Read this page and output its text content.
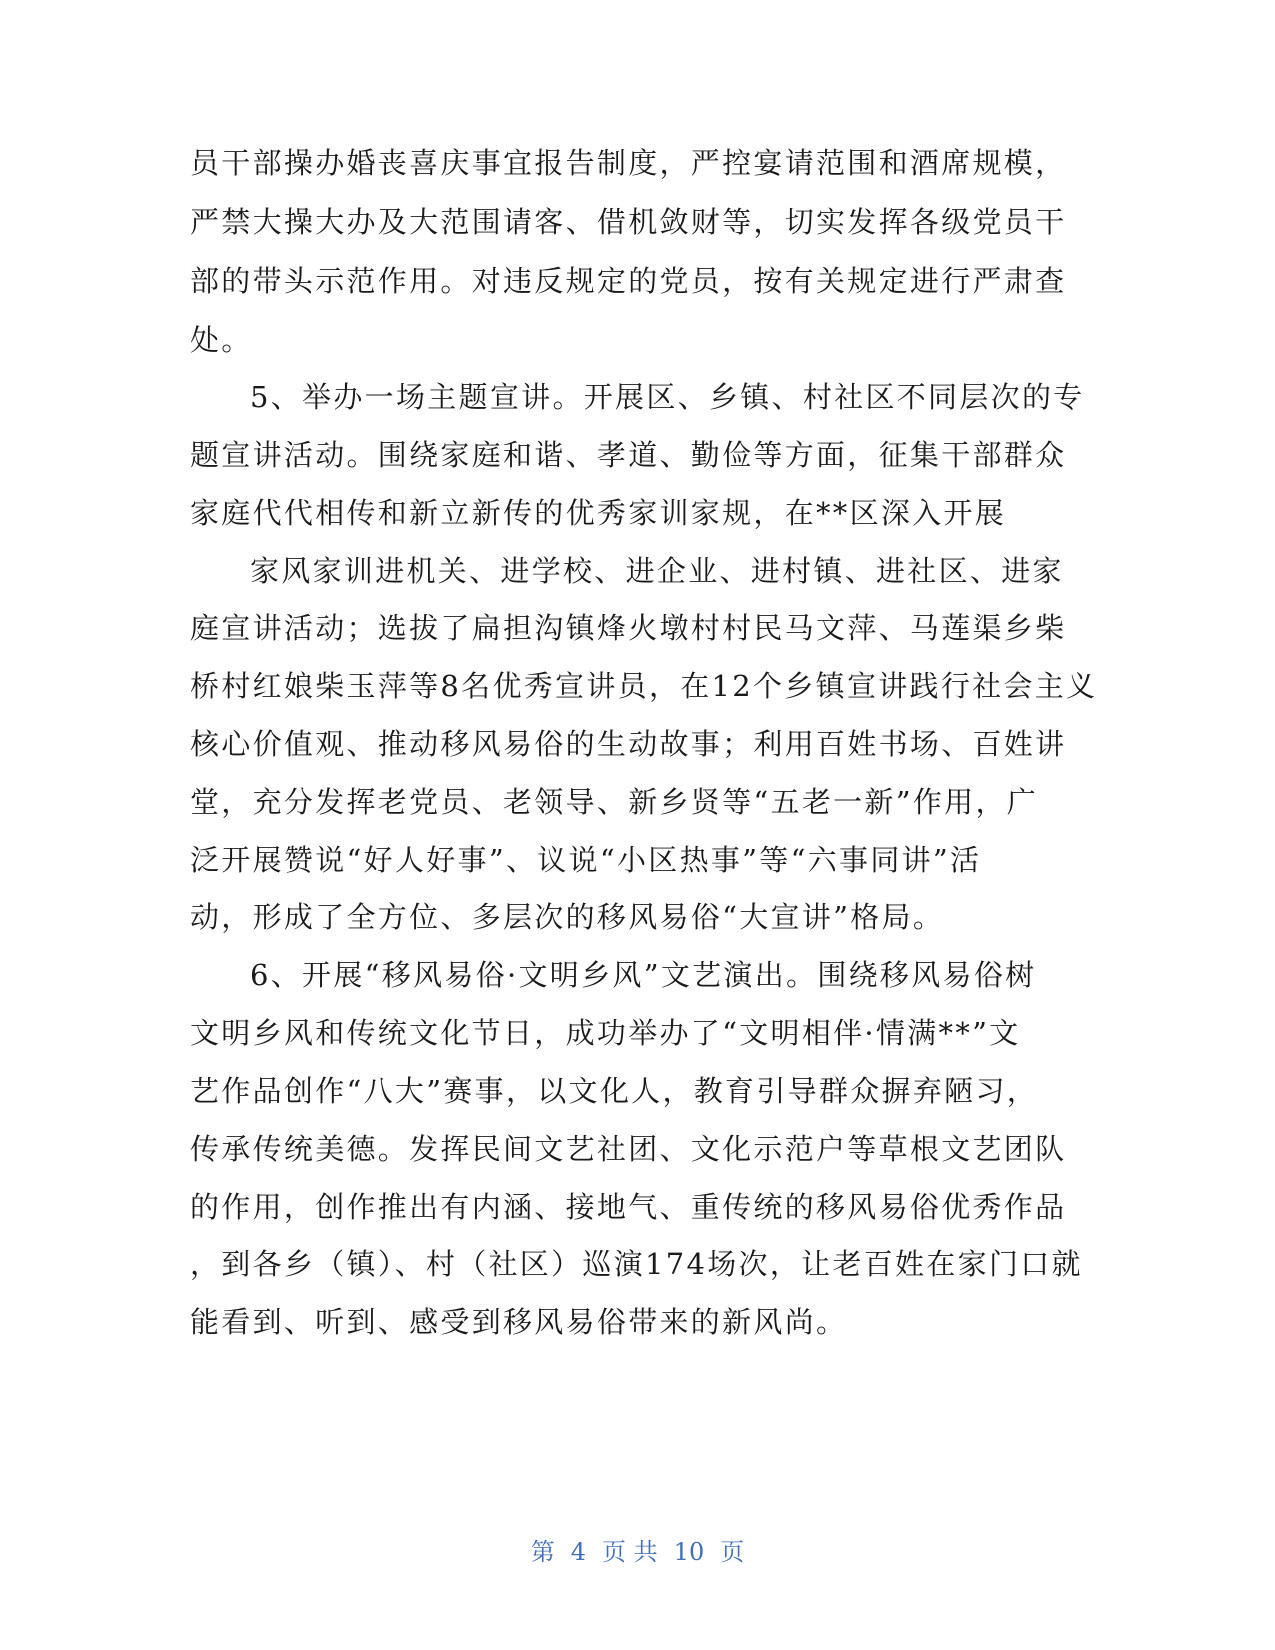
员干部操办婚丧喜庆事宜报告制度，严控宴请范围和酒席规模，
严禁大操大办及大范围请客、借机敛财等，切实发挥各级党员干
部的带头示范作用。对违反规定的党员，按有关规定进行严肃查
处。
5、举办一场主题宣讲。开展区、乡镇、村社区不同层次的专
题宣讲活动。围绕家庭和谐、孝道、勤俭等方面，征集干部群众
家庭代代相传和新立新传的优秀家训家规，在**区深入开展
家风家训进机关、进学校、进企业、进村镇、进社区、进家
庭宣讲活动；选拔了扁担沟镇烽火墩村村民马文萍、马莲渠乡柴
桥村红娘柴玉萍等8名优秀宣讲员，在12个乡镇宣讲践行社会主义
核心价值观、推动移风易俗的生动故事；利用百姓书场、百姓讲
堂，充分发挥老党员、老领导、新乡贤等“五老一新”作用，广
泛开展赞说“好人好事”、议说“小区热事”等“六事同讲”活
动，形成了全方位、多层次的移风易俗“大宣讲”格局。
6、开展“移风易俗·文明乡风”文艺演出。围绕移风易俗树
文明乡风和传统文化节日，成功举办了“文明相伴·情满**”文
艺作品创作“八大”赛事，以文化人，教育引导群众摒弃陋习，
传承传统美德。发挥民间文艺社团、文化示范户等草根文艺团队
的作用，创作推出有内涵、接地气、重传统的移风易俗优秀作品
，到各乡（镇）、村（社区）巡演174场次，让老百姓在家门口就
能看到、听到、感受到移风易俗带来的新风尚。
第 4 页 共 10 页
